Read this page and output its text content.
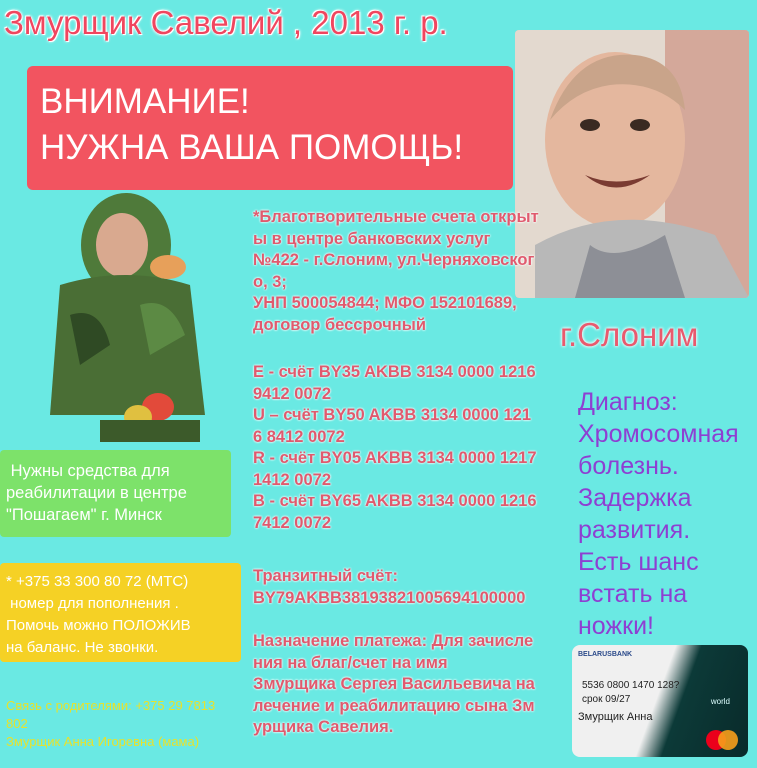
Змурщик Савелий , 2013 г. р.
ВНИМАНИЕ!
НУЖНА ВАША ПОМОЩЬ!
*Благотворительные счета открыт
ы в центре банковских услуг
№422 - г.Слоним, ул.Черняховског
о, 3;
УНП 500054844; МФО 152101689,
договор бессрочный	г.Слоним
Е - счёт BY35 AKBB 3134 0000 1216
9412 0072
U – счёт BY50 AKBB 3134 0000 121
6 8412 0072
R - счёт BY05 AKBB 3134 0000 1217
1412 0072
В - счёт BY65 AKBB 3134 0000 1216
7412 0072
Транзитный счёт:
BY79AKBB38193821005694100000
Назначение платежа: Для зачисле
ния на благ/счет на имя
Змурщика Сергея Васильевича на
лечение и реабилитацию сына Зм
урщика Савелия.
Диагноз:
Хромосомная
болезнь.
Задержка
развития.
Есть шанс
встать на
ножки!
Нужны средства для
реабилитации в центре
"Пошагаем" г. Минск
* +375 33 300 80 72 (МТС)
номер для пополнения .
Помочь можно ПОЛОЖИВ
на баланс. Не звонки.
Связь с родителями: +375 29 7813
802
Змурщик Анна Игоревна (мама)
BELARUSBANK
5536 0800 1470 128?
срок 09/27
Змурщик Анна
world
